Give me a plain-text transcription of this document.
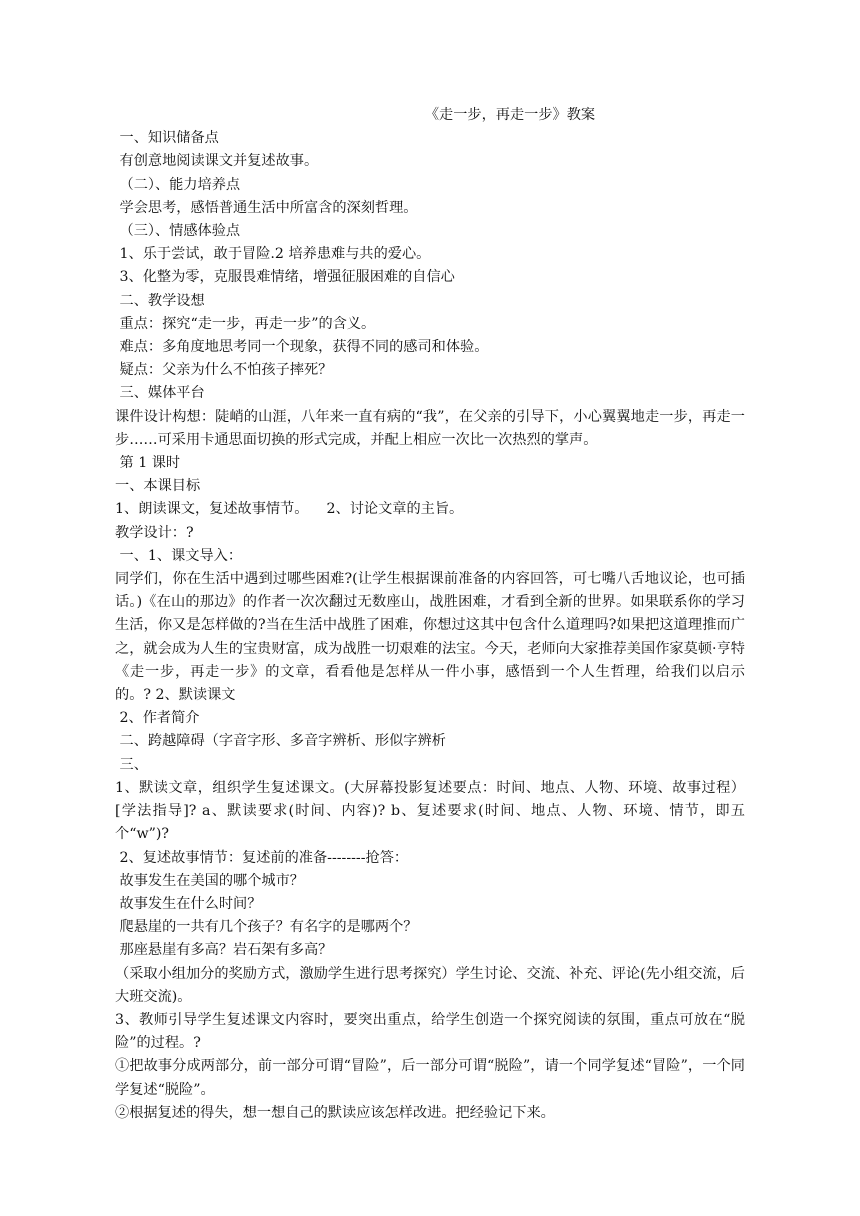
《走一步，再走一步》教案
一、知识储备点
有创意地阅读课文并复述故事。
（二）、能力培养点
学会思考，感悟普通生活中所富含的深刻哲理。
（三）、情感体验点
1、乐于尝试，敢于冒险.2 培养患难与共的爱心。
3、化整为零，克服畏难情绪，增强征服困难的自信心
二、教学设想
重点：探究“走一步，再走一步”的含义。
难点：多角度地思考同一个现象，获得不同的感司和体验。
疑点：父亲为什么不怕孩子摔死？
三、媒体平台
课件设计构想：陡峭的山涯，八年来一直有病的“我”，在父亲的引导下，小心翼翼地走一步，再走一步……可采用卡通思面切换的形式完成，并配上相应一次比一次热烈的掌声。
第 1 课时
一、本课目标
1、朗读课文，复述故事情节。    2、讨论文章的主旨。
教学设计：?
一、1、课文导入：
同学们，你在生活中遇到过哪些困难?(让学生根据课前准备的内容回答，可七嘴八舌地议论，也可插话。)《在山的那边》的作者一次次翻过无数座山，战胜困难，才看到全新的世界。如果联系你的学习生活，你又是怎样做的?当在生活中战胜了困难，你想过这其中包含什么道理吗?如果把这道理推而广之，就会成为人生的宝贵财富，成为战胜一切艰难的法宝。今天，老师向大家推荐美国作家莫顿·亨特《走一步，再走一步》的文章，看看他是怎样从一件小事，感悟到一个人生哲理，给我们以启示的。? 2、默读课文
2、作者简介
二、跨越障碍（字音字形、多音字辨析、形似字辨析
三、
1、默读文章，组织学生复述课文。(大屏幕投影复述要点：时间、地点、人物、环境、故事过程）[学法指导]? a、默读要求(时间、内容)? b、复述要求(时间、地点、人物、环境、情节，即五个“w”)?
2、复述故事情节：复述前的准备--------抢答：
故事发生在美国的哪个城市？
故事发生在什么时间？
爬悬崖的一共有几个孩子？有名字的是哪两个？
那座悬崖有多高？岩石架有多高？
（采取小组加分的奖励方式，激励学生进行思考探究）学生讨论、交流、补充、评论(先小组交流，后大班交流)。
3、教师引导学生复述课文内容时，要突出重点，给学生创造一个探究阅读的氛围，重点可放在“脱险”的过程。?
①把故事分成两部分，前一部分可谓“冒险”，后一部分可谓“脱险”，请一个同学复述“冒险”，一个同学复述“脱险”。
②根据复述的得失，想一想自己的默读应该怎样改进。把经验记下来。
